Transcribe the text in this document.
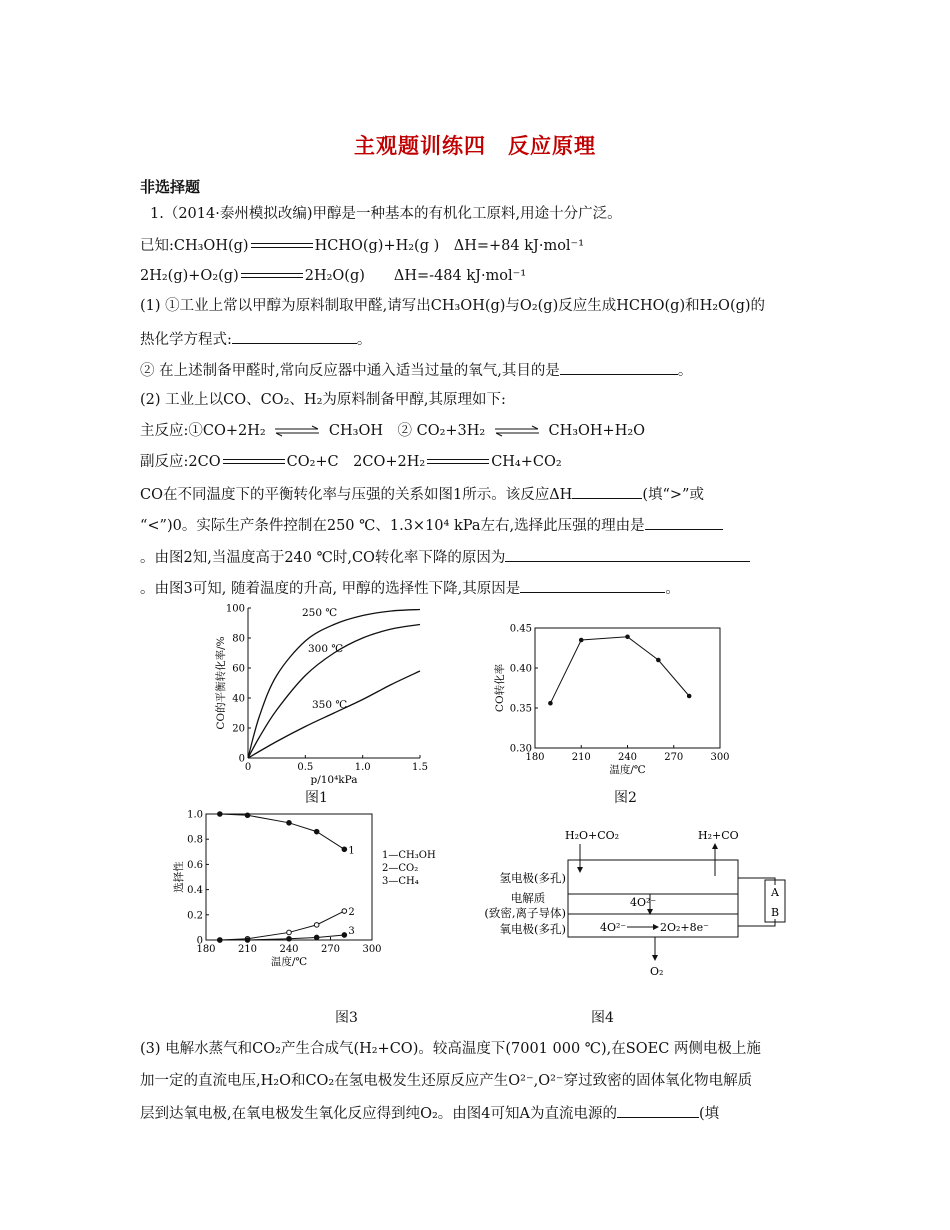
主观题训练四　反应原理
非选择题
1.（2014·泰州模拟改编)甲醇是一种基本的有机化工原料,用途十分广泛。
已知:CH₃OH(g)	HCHO(g)+H₂(g )　ΔH=+84 kJ·mol⁻¹
2H₂(g)+O₂(g)	2H₂O(g)　　ΔH=-484 kJ·mol⁻¹
(1) ①工业上常以甲醇为原料制取甲醛,请写出CH₃OH(g)与O₂(g)反应生成HCHO(g)和H₂O(g)的
热化学方程式:	。
② 在上述制备甲醛时,常向反应器中通入适当过量的氧气,其目的是	。
(2) 工业上以CO、CO₂、H₂为原料制备甲醇,其原理如下:
主反应:①CO+2H₂ ⇌ CH₃OH　② CO₂+3H₂ ⇌ CH₃OH+H₂O
副反应:2CO	CO₂+C　2CO+2H₂	CH₄+CO₂
CO在不同温度下的平衡转化率与压强的关系如图1所示。该反应ΔH	(填“>”或
“<”)0。实际生产条件控制在250 ℃、1.3×10⁴ kPa左右,选择此压强的理由是
。由图2知,当温度高于240 ℃时,CO转化率下降的原因为
。由图3可知, 随着温度的升高, 甲醇的选择性下降,其原因是	。
0	0.5	1.0	1.5
0
20
40
60
80
100
p/10⁴kPa
CO的平衡转化率/%
250 ℃
300 ℃
350 ℃
图1
180	210	240	270	300
0.30
0.35
0.40
0.45
温度/℃
CO转化率
图2
180 210 240 270 300
0
0.2
0.4
0.6
0.8
1.0
温度/℃
选择性
1
2
3
1—CH₃OH
2—CO₂
3—CH₄
图3
H₂O+CO₂	H₂+CO
氢电极(多孔)
电解质
(致密,离子导体)
氧电极(多孔)
4O²⁻
4O²⁻	2O₂+8e⁻
O₂
A
B
图4
(3) 电解水蒸气和CO₂产生合成气(H₂+CO)。较高温度下(7001 000 ℃),在SOEC 两侧电极上施
加一定的直流电压,H₂O和CO₂在氢电极发生还原反应产生O²⁻,O²⁻穿过致密的固体氧化物电解质
层到达氧电极,在氧电极发生氧化反应得到纯O₂。由图4可知A为直流电源的	(填
